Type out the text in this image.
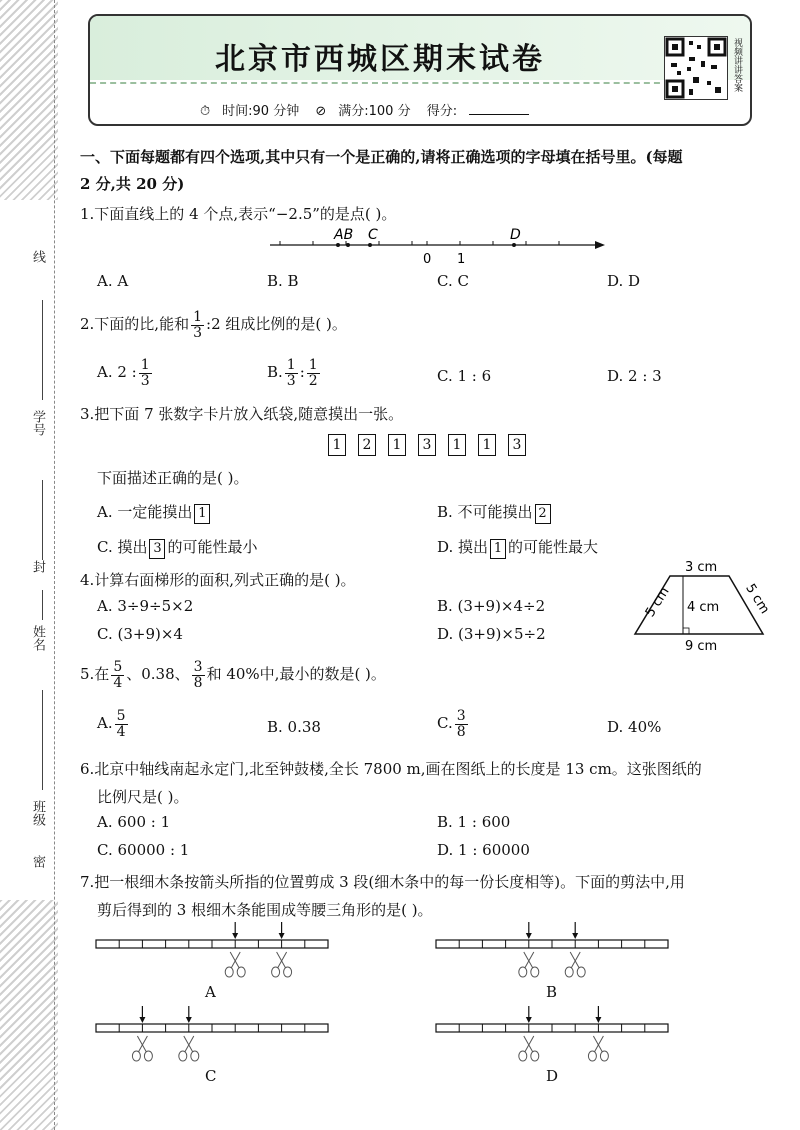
线
学号
封
姓名
班级
密
北京市西城区期末试卷
⏱ 时间:90 分钟 ⊘ 满分:100 分 得分:
视频讲讲答案
一、下面每题都有四个选项,其中只有一个是正确的,请将正确选项的字母填在括号里。(每题
2 分,共 20 分)
1.下面直线上的 4 个点,表示“−2.5”的是点( )。
AB C	D
0 1
A. A	B. B	C. C	D. D
2.下面的比,能和 $\frac{1}{3}$ :2 组成比例的是( )。
A. 2 : $\frac{1}{3}$	B. $\frac{1}{3}$ : $\frac{1}{2}$	C. 1 : 6	D. 2 : 3
3.把下面 7 张数字卡片放入纸袋,随意摸出一张。
1 2 1 3 1 1 3
下面描述正确的是( )。
A. 一定能摸出 1	B. 不可能摸出 2
C. 摸出 3 的可能性最小	D. 摸出 1 的可能性最大
4.计算右面梯形的面积,列式正确的是( )。
A. 3÷9÷5×2	B. (3+9)×4÷2
C. (3+9)×4	D. (3+9)×5÷2
3 cm
4 cm
9 cm
5 cm	5 cm
5.在 $\frac{5}{4}$ 、0.38、 $\frac{3}{8}$ 和 40%中,最小的数是( )。
A. $\frac{5}{4}$	B. 0.38	C. $\frac{3}{8}$	D. 40%
6.北京中轴线南起永定门,北至钟鼓楼,全长 7800 m,画在图纸上的长度是 13 cm。这张图纸的
比例尺是( )。
A. 600 : 1	B. 1 : 600
C. 60000 : 1	D. 1 : 60000
7.把一根细木条按箭头所指的位置剪成 3 段(细木条中的每一份长度相等)。下面的剪法中,用
剪后得到的 3 根细木条能围成等腰三角形的是( )。
A	B
C	D
